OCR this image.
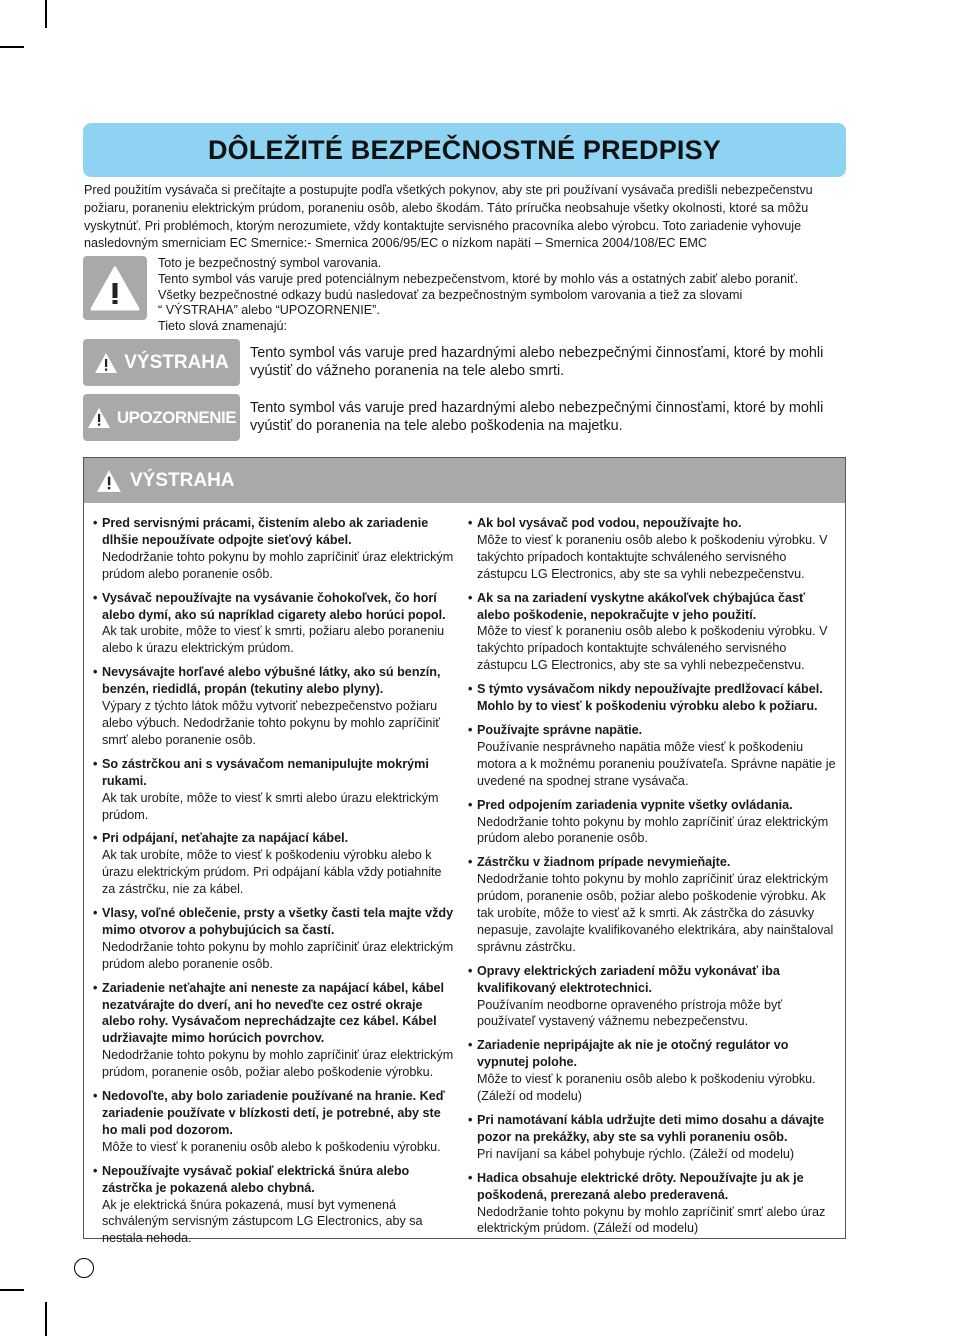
DÔLEŽITÉ BEZPEČNOSTNÉ PREDPISY

Pred použitím vysávača si prečítajte a postupujte podľa všetkých pokynov, aby ste pri používaní vysávača predišli nebezpečenstvu požiaru, poraneniu elektrickým prúdom, poraneniu osôb, alebo škodám. Táto príručka neobsahuje všetky okolnosti, ktoré sa môžu vyskytnúť. Pri problémoch, ktorým nerozumiete, vždy kontaktujte servisného pracovníka alebo výrobcu. Toto zariadenie vyhovuje nasledovným smerniciam EC Smernice:- Smernica 2006/95/EC o nízkom napätí – Smernica 2004/108/EC EMC

Toto je bezpečnostný symbol varovania.
Tento symbol vás varuje pred potenciálnym nebezpečenstvom, ktoré by mohlo vás a ostatných zabiť alebo poraniť.
Všetky bezpečnostné odkazy budú nasledovať za bezpečnostným symbolom varovania a tiež za slovami
“ VÝSTRAHA” alebo “UPOZORNENIE”.
Tieto slová znamenajú:
VÝSTRAHA Tento symbol vás varuje pred hazardnými alebo nebezpečnými činnosťami, ktoré by mohli vyústiť do vážneho poranenia na tele alebo smrti.
UPOZORNENIE Tento symbol vás varuje pred hazardnými alebo nebezpečnými činnosťami, ktoré by mohli vyústiť do poranenia na tele alebo poškodenia na majetku.
VÝSTRAHA
• Pred servisnými prácami, čistením alebo ak zariadenie dlhšie nepoužívate odpojte sieťový kábel.
Nedodržanie tohto pokynu by mohlo zapríčiniť úraz elektrickým prúdom alebo poranenie osôb.
• Vysávač nepoužívajte na vysávanie čohokoľvek, čo horí alebo dymí, ako sú napríklad cigarety alebo horúci popol.
Ak tak urobite, môže to viesť k smrti, požiaru alebo poraneniu alebo k úrazu elektrickým prúdom.
• Nevysávajte horľavé alebo výbušné látky, ako sú benzín, benzén, riedidlá, propán (tekutiny alebo plyny).
Výpary z týchto látok môžu vytvoriť nebezpečenstvo požiaru alebo výbuch. Nedodržanie tohto pokynu by mohlo zapríčiniť smrť alebo poranenie osôb.
• So zástrčkou ani s vysávačom nemanipulujte mokrými rukami.
Ak tak urobíte, môže to viesť k smrti alebo úrazu elektrickým prúdom.
• Pri odpájaní, neťahajte za napájací kábel.
Ak tak urobíte, môže to viesť k poškodeniu výrobku alebo k úrazu elektrickým prúdom. Pri odpájaní kábla vždy potiahnite za zástrčku, nie za kábel.
• Vlasy, voľné oblečenie, prsty a všetky časti tela majte vždy mimo otvorov a pohybujúcich sa častí.
Nedodržanie tohto pokynu by mohlo zapríčiniť úraz elektrickým prúdom alebo poranenie osôb.
• Zariadenie neťahajte ani neneste za napájací kábel, kábel nezatvárajte do dverí, ani ho neveďte cez ostré okraje alebo rohy. Vysávačom neprechádzajte cez kábel. Kábel udržiavajte mimo horúcich povrchov.
Nedodržanie tohto pokynu by mohlo zapríčiniť úraz elektrickým prúdom, poranenie osôb, požiar alebo poškodenie výrobku.
• Nedovoľte, aby bolo zariadenie používané na hranie. Keď zariadenie používate v blízkosti detí, je potrebné, aby ste ho mali pod dozorom.
Môže to viesť k poraneniu osôb alebo k poškodeniu výrobku.
• Nepoužívajte vysávač pokiaľ elektrická šnúra alebo zástrčka je pokazená alebo chybná.
Ak je elektrická šnúra pokazená, musí byt vymenená schváleným servisným zástupcom LG Electronics, aby sa nestala nehoda.
• Ak bol vysávač pod vodou, nepoužívajte ho.
Môže to viesť k poraneniu osôb alebo k poškodeniu výrobku. V takýchto prípadoch kontaktujte schváleného servisného zástupcu LG Electronics, aby ste sa vyhli nebezpečenstvu.
• Ak sa na zariadení vyskytne akákoľvek chýbajúca časť alebo poškodenie, nepokračujte v jeho použití.
Môže to viesť k poraneniu osôb alebo k poškodeniu výrobku. V takýchto prípadoch kontaktujte schváleného servisného zástupcu LG Electronics, aby ste sa vyhli nebezpečenstvu.
• S týmto vysávačom nikdy nepoužívajte predlžovací kábel. Mohlo by to viesť k poškodeniu výrobku alebo k požiaru.
• Používajte správne napätie.
Používanie nesprávneho napätia môže viesť k poškodeniu motora a k možnému poraneniu používateľa. Správne napätie je uvedené na spodnej strane vysávača.
• Pred odpojením zariadenia vypnite všetky ovládania.
Nedodržanie tohto pokynu by mohlo zapríčiniť úraz elektrickým prúdom alebo poranenie osôb.
• Zástrčku v žiadnom prípade nevymieňajte.
Nedodržanie tohto pokynu by mohlo zapríčiniť úraz elektrickým prúdom, poranenie osôb, požiar alebo poškodenie výrobku. Ak tak urobíte, môže to viesť až k smrti. Ak zástrčka do zásuvky nepasuje, zavolajte kvalifikovaného elektrikára, aby nainštaloval správnu zástrčku.
• Opravy elektrických zariadení môžu vykonávať iba kvalifikovaný elektrotechnici.
Používaním neodborne opraveného prístroja môže byť používateľ vystavený vážnemu nebezpečenstvu.
• Zariadenie nepripájajte ak nie je otočný regulátor vo vypnutej polohe.
Môže to viesť k poraneniu osôb alebo k poškodeniu výrobku. (Záleží od modelu)
• Pri namotávaní kábla udržujte deti mimo dosahu a dávajte pozor na prekážky, aby ste sa vyhli poraneniu osôb.
Pri navíjaní sa kábel pohybuje rýchlo. (Záleží od modelu)
• Hadica obsahuje elektrické drôty. Nepoužívajte ju ak je poškodená, prerezaná alebo prederavená.
Nedodržanie tohto pokynu by mohlo zapríčiniť smrť alebo úraz elektrickým prúdom. (Záleží od modelu)
